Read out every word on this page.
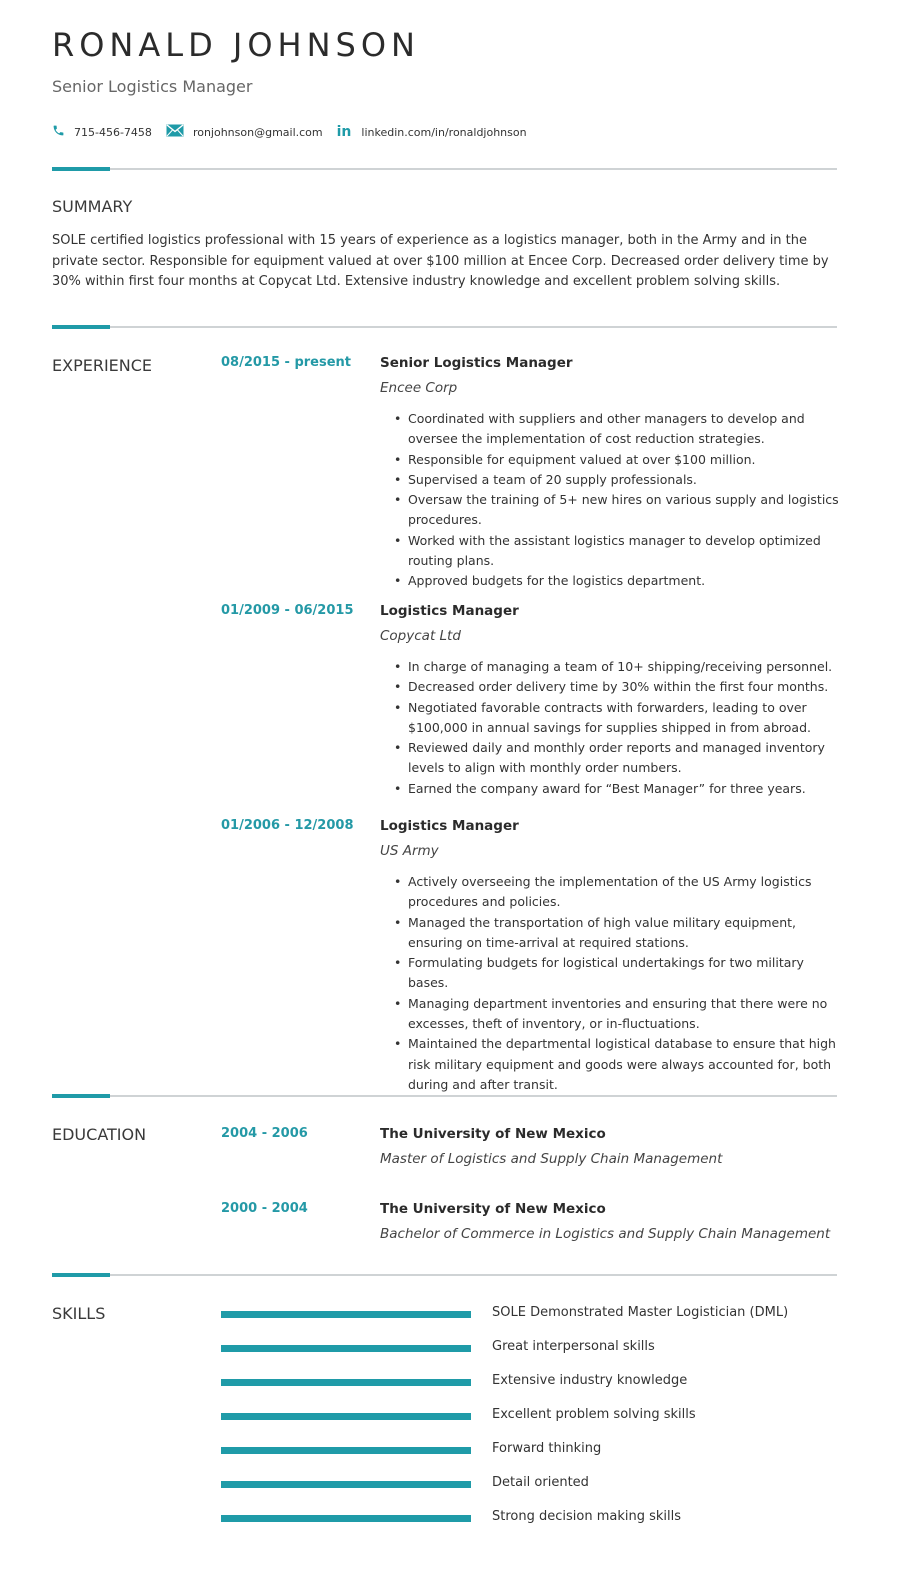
RONALD JOHNSON
Senior Logistics Manager
715-456-7458	ronjohnson@gmail.com in linkedin.com/in/ronaldjohnson
SUMMARY
SOLE certified logistics professional with 15 years of experience as a logistics manager, both in the Army and in the private sector. Responsible for equipment valued at over $100 million at Encee Corp. Decreased order delivery time by 30% within first four months at Copycat Ltd. Extensive industry knowledge and excellent problem solving skills.
EXPERIENCE	08/2015 - present Senior Logistics Manager
Encee Corp
• Coordinated with suppliers and other managers to develop and oversee the implementation of cost reduction strategies.
• Responsible for equipment valued at over $100 million.
• Supervised a team of 20 supply professionals.
• Oversaw the training of 5+ new hires on various supply and logistics procedures.
• Worked with the assistant logistics manager to develop optimized routing plans.
• Approved budgets for the logistics department.
01/2009 - 06/2015 Logistics Manager
Copycat Ltd
• In charge of managing a team of 10+ shipping/receiving personnel.
• Decreased order delivery time by 30% within the first four months.
• Negotiated favorable contracts with forwarders, leading to over $100,000 in annual savings for supplies shipped in from abroad.
• Reviewed daily and monthly order reports and managed inventory levels to align with monthly order numbers.
• Earned the company award for “Best Manager” for three years.
01/2006 - 12/2008 Logistics Manager
US Army
• Actively overseeing the implementation of the US Army logistics procedures and policies.
• Managed the transportation of high value military equipment, ensuring on time-arrival at required stations.
• Formulating budgets for logistical undertakings for two military bases.
• Managing department inventories and ensuring that there were no excesses, theft of inventory, or in-fluctuations.
• Maintained the departmental logistical database to ensure that high risk military equipment and goods were always accounted for, both during and after transit.
EDUCATION	2004 - 2006	The University of New Mexico
Master of Logistics and Supply Chain Management
2000 - 2004	The University of New Mexico
Bachelor of Commerce in Logistics and Supply Chain Management
SKILLS	SOLE Demonstrated Master Logistician (DML)
Great interpersonal skills
Extensive industry knowledge
Excellent problem solving skills
Forward thinking
Detail oriented
Strong decision making skills
